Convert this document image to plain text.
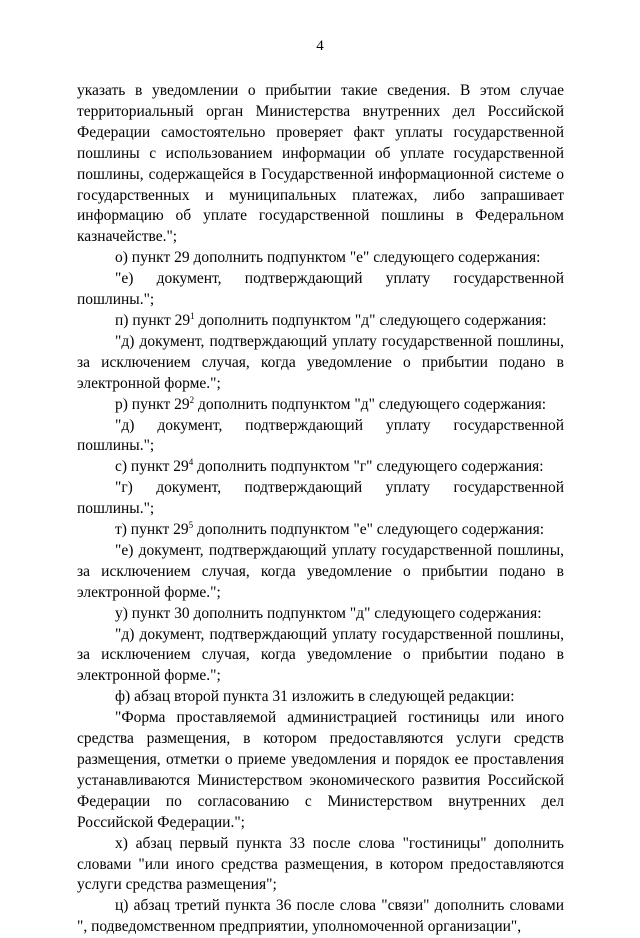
4

указать в уведомлении о прибытии такие сведения. В этом случае территориальный орган Министерства внутренних дел Российской Федерации самостоятельно проверяет факт уплаты государственной пошлины с использованием информации об уплате государственной пошлины, содержащейся в Государственной информационной системе о государственных и муниципальных платежах, либо запрашивает информацию об уплате государственной пошлины в Федеральном казначействе.";

о) пункт 29 дополнить подпунктом "е" следующего содержания:

"е) документ, подтверждающий уплату государственной пошлины.";

п) пункт $29^1$ дополнить подпунктом "д" следующего содержания:

"д) документ, подтверждающий уплату государственной пошлины, за исключением случая, когда уведомление о прибытии подано в электронной форме.";

р) пункт $29^2$ дополнить подпунктом "д" следующего содержания:

"д) документ, подтверждающий уплату государственной пошлины.";

с) пункт $29^4$ дополнить подпунктом "г" следующего содержания:

"г) документ, подтверждающий уплату государственной пошлины.";

т) пункт $29^5$ дополнить подпунктом "е" следующего содержания:

"е) документ, подтверждающий уплату государственной пошлины, за исключением случая, когда уведомление о прибытии подано в электронной форме.";

у) пункт 30 дополнить подпунктом "д" следующего содержания:

"д) документ, подтверждающий уплату государственной пошлины, за исключением случая, когда уведомление о прибытии подано в электронной форме.";

ф) абзац второй пункта 31 изложить в следующей редакции:

"Форма проставляемой администрацией гостиницы или иного средства размещения, в котором предоставляются услуги средств размещения, отметки о приеме уведомления и порядок ее проставления устанавливаются Министерством экономического развития Российской Федерации по согласованию с Министерством внутренних дел Российской Федерации.";

х) абзац первый пункта 33 после слова "гостиницы" дополнить словами "или иного средства размещения, в котором предоставляются услуги средства размещения";

ц) абзац третий пункта 36 после слова "связи" дополнить словами ", подведомственном предприятии, уполномоченной организации",
